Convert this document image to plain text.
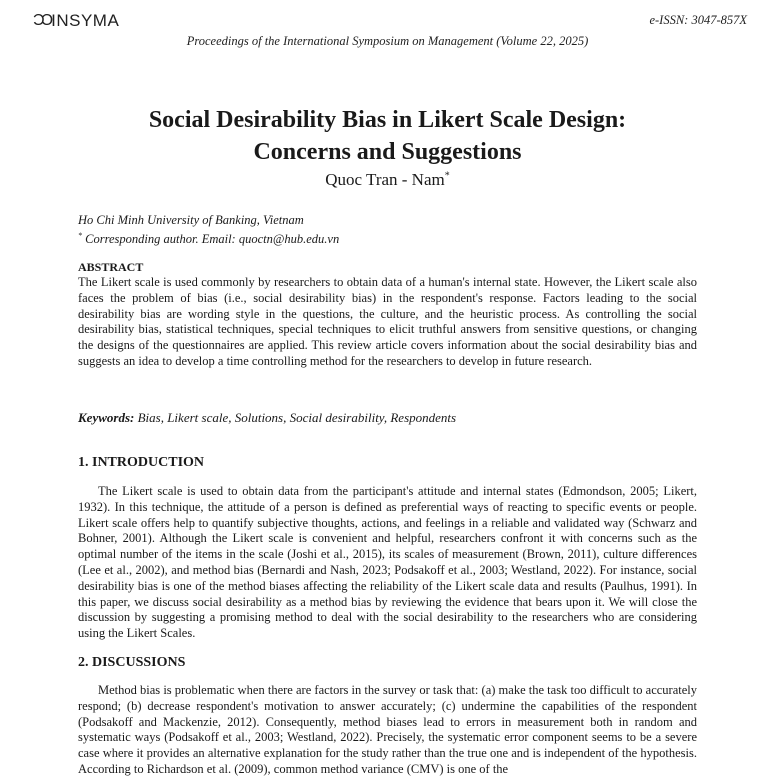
ƆƆ INSYMA	e-ISSN: 3047-857X
Proceedings of the International Symposium on Management (Volume 22, 2025)
Social Desirability Bias in Likert Scale Design:
Concerns and Suggestions
Quoc Tran - Nam*
Ho Chi Minh University of Banking, Vietnam
* Corresponding author. Email: quoctn@hub.edu.vn
ABSTRACT
The Likert scale is used commonly by researchers to obtain data of a human's internal state. However, the Likert scale also faces the problem of bias (i.e., social desirability bias) in the respondent's response. Factors leading to the social desirability bias are wording style in the questions, the culture, and the heuristic process. As controlling the social desirability bias, statistical techniques, special techniques to elicit truthful answers from sensitive questions, or changing the designs of the questionnaires are applied. This review article covers information about the social desirability bias and suggests an idea to develop a time controlling method for the researchers to develop in future research.
Keywords: Bias, Likert scale, Solutions, Social desirability, Respondents
1. INTRODUCTION
The Likert scale is used to obtain data from the participant's attitude and internal states (Edmondson, 2005; Likert, 1932). In this technique, the attitude of a person is defined as preferential ways of reacting to specific events or people. Likert scale offers help to quantify subjective thoughts, actions, and feelings in a reliable and validated way (Schwarz and Bohner, 2001). Although the Likert scale is convenient and helpful, researchers confront it with concerns such as the optimal number of the items in the scale (Joshi et al., 2015), its scales of measurement (Brown, 2011), culture differences (Lee et al., 2002), and method bias (Bernardi and Nash, 2023; Podsakoff et al., 2003; Westland, 2022). For instance, social desirability bias is one of the method biases affecting the reliability of the Likert scale data and results (Paulhus, 1991). In this paper, we discuss social desirability as a method bias by reviewing the evidence that bears upon it. We will close the discussion by suggesting a promising method to deal with the social desirability to the researchers who are considering using the Likert Scales.
2. DISCUSSIONS
Method bias is problematic when there are factors in the survey or task that: (a) make the task too difficult to accurately respond; (b) decrease respondent's motivation to answer accurately; (c) undermine the capabilities of the respondent (Podsakoff and Mackenzie, 2012). Consequently, method biases lead to errors in measurement both in random and systematic ways (Podsakoff et al., 2003; Westland, 2022). Precisely, the systematic error component seems to be a severe case where it provides an alternative explanation for the study rather than the true one and is independent of the hypothesis. According to Richardson et al. (2009), common method variance (CMV) is one of the
